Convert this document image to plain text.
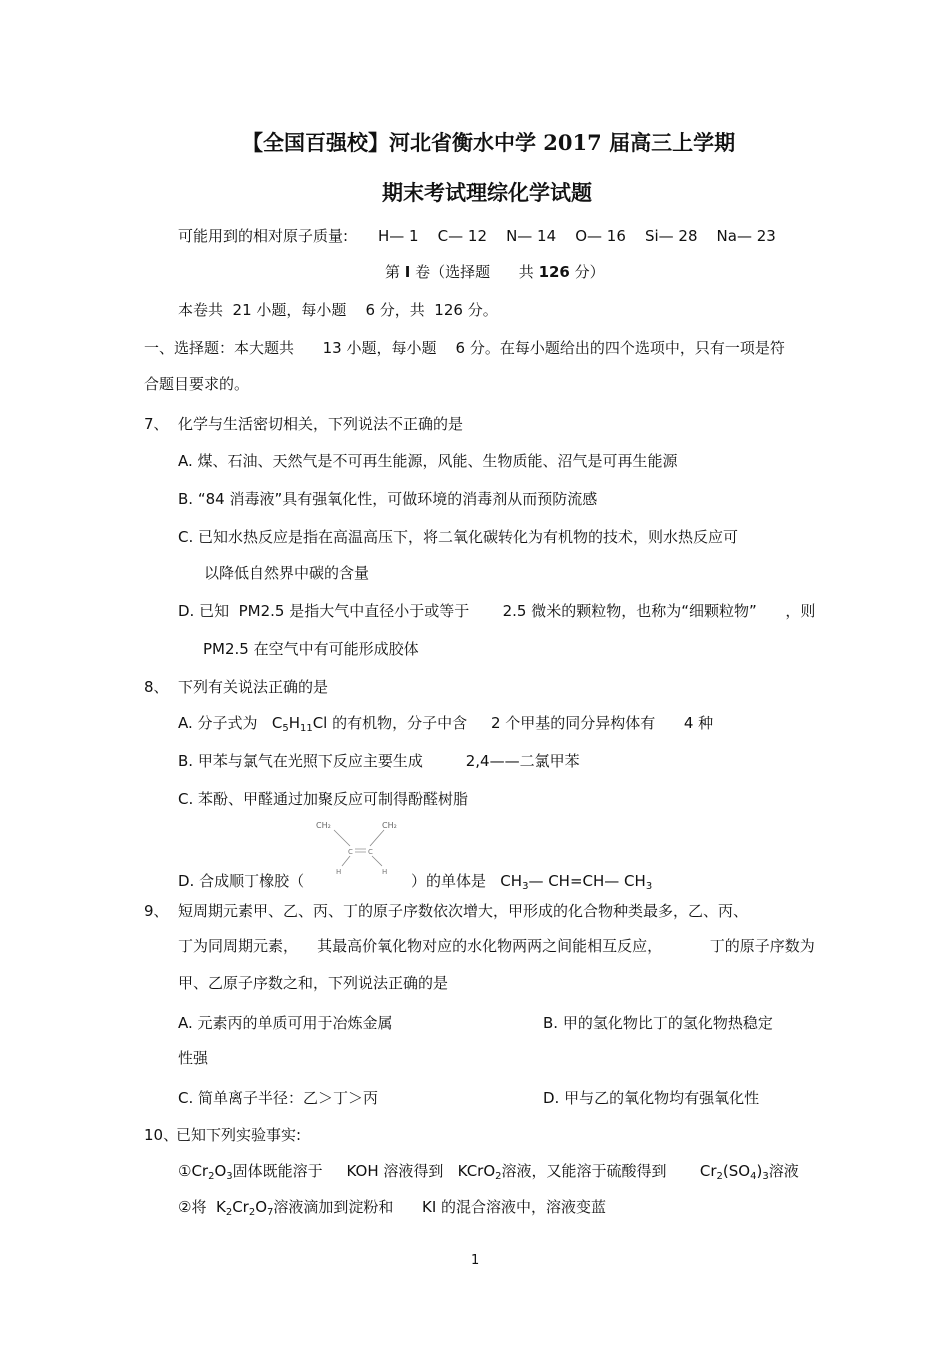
【全国百强校】河北省衡水中学 2017 届高三上学期
期末考试理综化学试题
可能用到的相对原子质量: H— 1    C— 12    N— 14    O— 16    Si— 28    Na— 23
第 I 卷（选择题      共 126 分）
本卷共  21 小题，每小题    6 分，共  126 分。
一、选择题：本大题共      13 小题，每小题    6 分。在每小题给出的四个选项中，只有一项是符
合题目要求的。
7、 化学与生活密切相关，下列说法不正确的是
A. 煤、石油、天然气是不可再生能源，风能、生物质能、沼气是可再生能源
B. “84 消毒液”具有强氧化性，可做环境的消毒剂从而预防流感
C. 已知水热反应是指在高温高压下，将二氧化碳转化为有机物的技术，则水热反应可
以降低自然界中碳的含量
D. 已知  PM2.5 是指大气中直径小于或等于       2.5 微米的颗粒物，也称为“细颗粒物”      ，则
PM2.5 在空气中有可能形成胶体
8、 下列有关说法正确的是
A. 分子式为   $C_5H_{11}Cl$ 的有机物，分子中含     2 个甲基的同分异构体有      4 种
B. 甲苯与氯气在光照下反应主要生成         2,4——二氯甲苯
C. 苯酚、甲醛通过加聚反应可制得酚醛树脂
CH₂	CH₂
C C
H	H
D. 合成顺丁橡胶（	）的单体是   $CH_3—$ CH=CH— $CH_3$
9、 短周期元素甲、乙、丙、丁的原子序数依次增大，甲形成的化合物种类最多，乙、丙、
丁为同周期元素，    其最高价氧化物对应的水化物两两之间能相互反应，          丁的原子序数为
甲、乙原子序数之和，下列说法正确的是
A. 元素丙的单质可用于冶炼金属	B. 甲的氢化物比丁的氢化物热稳定
性强
C. 简单离子半径：乙＞丁＞丙	D. 甲与乙的氧化物均有强氧化性
10、
已知下列实验事实:
$①Cr_2O_3$固体既能溶于     KOH 溶液得到   KCrO$_2$溶液，又能溶于硫酸得到       $Cr_2(SO_4)_3$溶液
②将  $K_2Cr_2O_7$溶液滴加到淀粉和      KI 的混合溶液中，溶液变蓝
1
